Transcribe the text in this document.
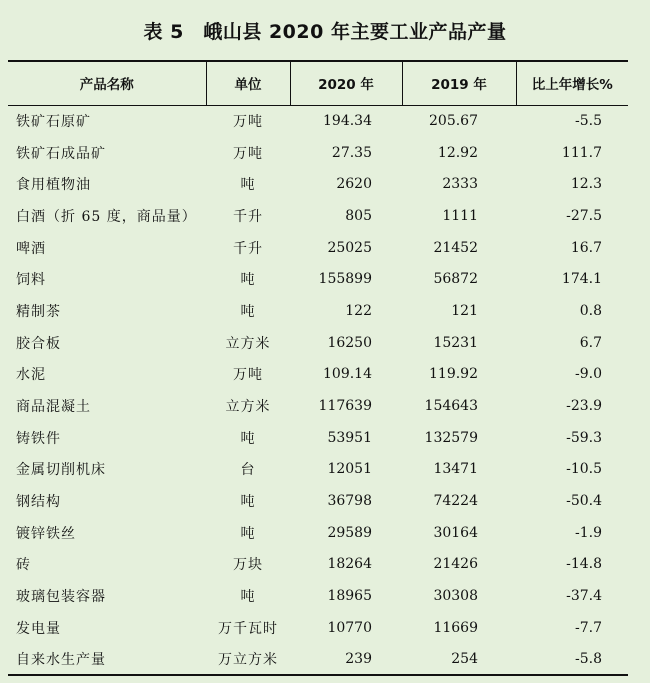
表 5　峨山县 2020 年主要工业产品产量
产品名称	单位	2020 年	2019 年	比上年增长%
铁矿石原矿	万吨	194.34	205.67	-5.5
铁矿石成品矿	万吨	27.35	12.92	111.7
食用植物油	吨	2620	2333	12.3
白酒（折 65 度，商品量）	千升	805	1111	-27.5
啤酒	千升	25025	21452	16.7
饲料	吨	155899	56872	174.1
精制茶	吨	122	121	0.8
胶合板	立方米	16250	15231	6.7
水泥	万吨	109.14	119.92	-9.0
商品混凝土	立方米	117639	154643	-23.9
铸铁件	吨	53951	132579	-59.3
金属切削机床	台	12051	13471	-10.5
钢结构	吨	36798	74224	-50.4
镀锌铁丝	吨	29589	30164	-1.9
砖	万块	18264	21426	-14.8
玻璃包装容器	吨	18965	30308	-37.4
发电量	万千瓦时	10770	11669	-7.7
自来水生产量	万立方米	239	254	-5.8
